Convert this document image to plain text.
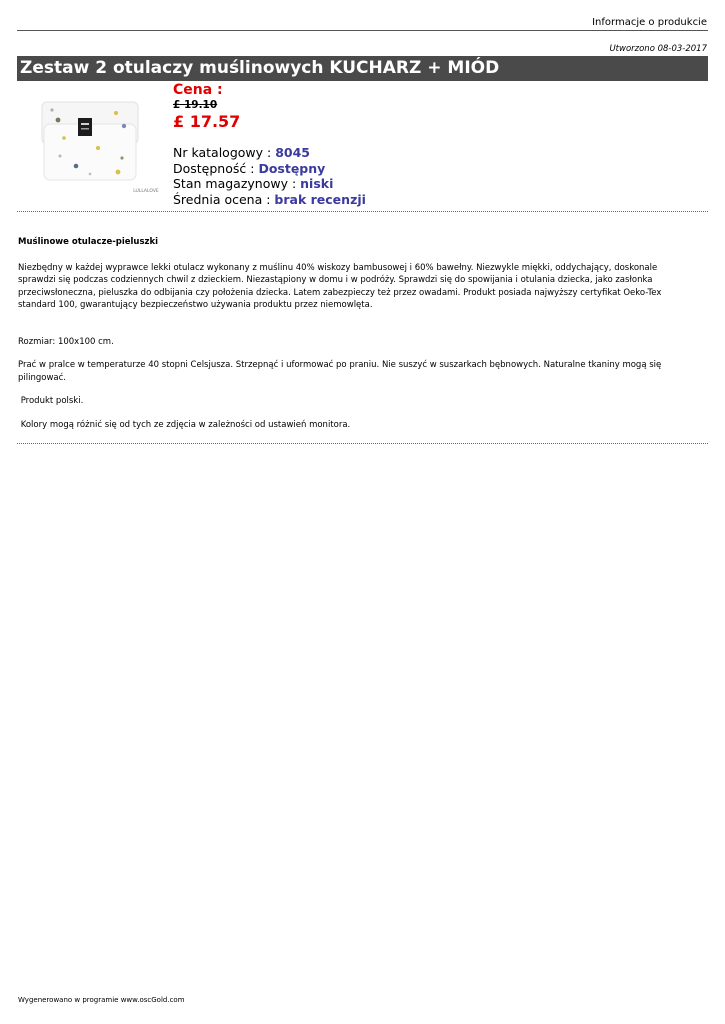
Informacje o produkcie
Utworzono 08-03-2017
Zestaw 2 otulaczy muślinowych KUCHARZ + MIÓD
LULLALOVE
Cena :
£ 19.10
£ 17.57
Nr katalogowy : 8045
Dostępność : Dostępny
Stan magazynowy : niski
Średnia ocena : brak recenzji

Muślinowe otulacze-pieluszki

Niezbędny w każdej wyprawce lekki otulacz wykonany z muślinu 40% wiskozy bambusowej i 60% bawełny. Niezwykle miękki, oddychający, doskonale sprawdzi się podczas codziennych chwil z dzieckiem. Niezastąpiony w domu i w podróży. Sprawdzi się do spowijania i otulania dziecka, jako zasłonka przeciwsłoneczna, pieluszka do odbijania czy położenia dziecka. Latem zabezpieczy też przez owadami. Produkt posiada najwyższy certyfikat Oeko-Tex standard 100, gwarantujący bezpieczeństwo używania produktu przez niemowlęta.

Rozmiar: 100x100 cm.

Prać w pralce w temperaturze 40 stopni Celsjusza. Strzepnąć i uformować po praniu. Nie suszyć w suszarkach bębnowych. Naturalne tkaniny mogą się pilingować.

Produkt polski.

Kolory mogą różnić się od tych ze zdjęcia w zależności od ustawień monitora.

Wygenerowano w programie www.oscGold.com
